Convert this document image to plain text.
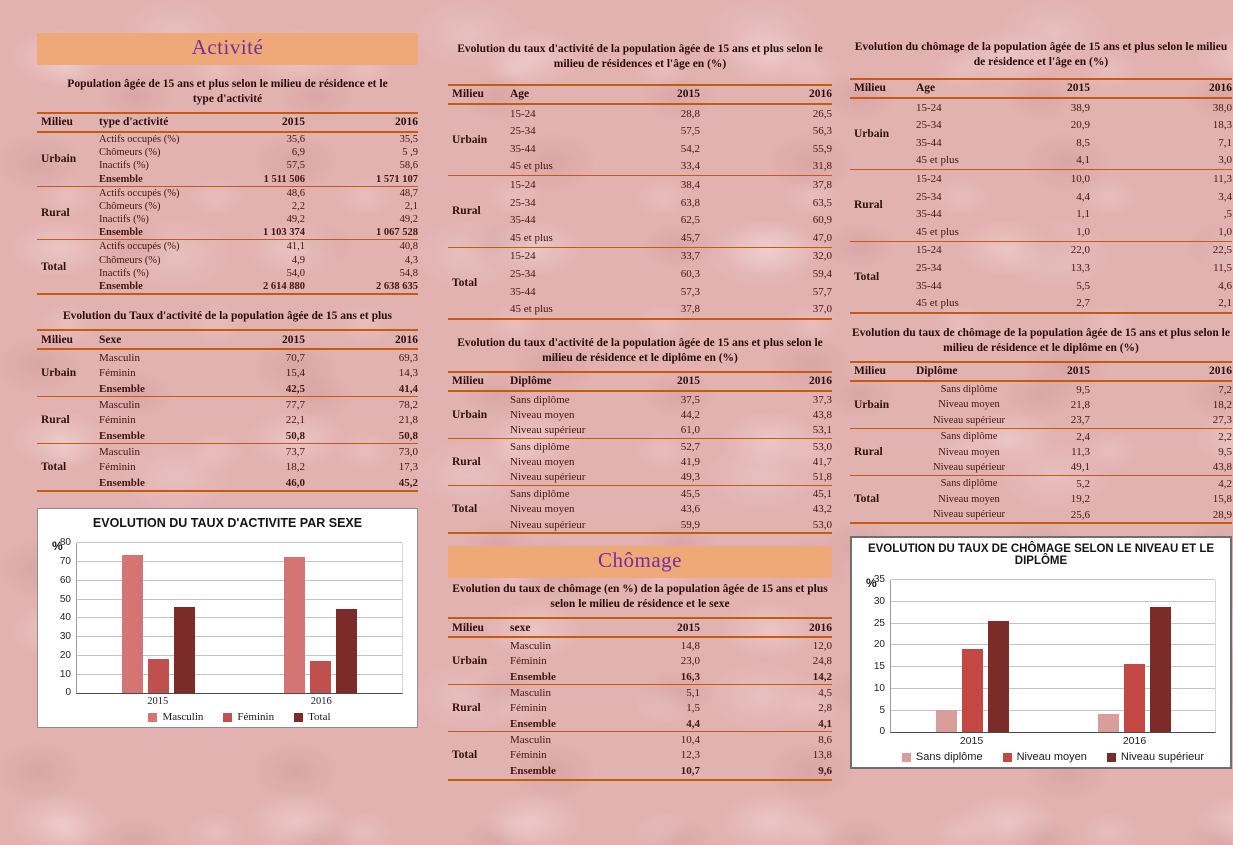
Activité
Population âgée de 15 ans et plus selon le milieu de résidence et le type d'activité
Milieu	type d'activité	2015	2016
Urbain	Actifs occupés (%)	35,6	35,5
	Chômeurs (%)	6,9	5 ,9
	Inactifs (%)	57,5	58,6
	Ensemble	1 511 506	1 571 107
Rural	Actifs occupés (%)	48,6	48,7
	Chômeurs (%)	2,2	2,1
	Inactifs (%)	49,2	49,2
	Ensemble	1 103 374	1 067 528
Total	Actifs occupés (%)	41,1	40,8
	Chômeurs (%)	4,9	4,3
	Inactifs (%)	54,0	54,8
	Ensemble	2 614 880	2 638 635
Evolution du Taux d'activité de la population âgée de 15 ans et plus
Milieu	Sexe	2015	2016
Urbain	Masculin	70,7	69,3
	Féminin	15,4	14,3
	Ensemble	42,5	41,4
Rural	Masculin	77,7	78,2
	Féminin	22,1	21,8
	Ensemble	50,8	50,8
Total	Masculin	73,7	73,0
	Féminin	18,2	17,3
	Ensemble	46,0	45,2
EVOLUTION DU TAUX D'ACTIVITE PAR SEXE
%
0
10
20
30
40
50
60
70
80
2015	2016
Masculin	Féminin	Total
Evolution du taux d'activité de la population âgée de 15 ans et plus selon le milieu de résidences et l'âge en (%)
Milieu	Age	2015	2016
Urbain	15-24	28,8	26,5
	25-34	57,5	56,3
	35-44	54,2	55,9
	45 et plus	33,4	31,8
Rural	15-24	38,4	37,8
	25-34	63,8	63,5
	35-44	62,5	60,9
	45 et plus	45,7	47,0
Total	15-24	33,7	32,0
	25-34	60,3	59,4
	35-44	57,3	57,7
	45 et plus	37,8	37,0
Evolution du taux d'activité de la population âgée de 15 ans et plus selon le milieu de résidence et le diplôme en (%)
Milieu	Diplôme	2015	2016
Urbain	Sans diplôme	37,5	37,3
	Niveau moyen	44,2	43,8
	Niveau supérieur	61,0	53,1
Rural	Sans diplôme	52,7	53,0
	Niveau moyen	41,9	41,7
	Niveau supérieur	49,3	51,8
Total	Sans diplôme	45,5	45,1
	Niveau moyen	43,6	43,2
	Niveau supérieur	59,9	53,0
Chômage
Evolution du taux de chômage (en %) de la population âgée de 15 ans et plus selon le milieu de résidence et le sexe
Milieu	sexe	2015	2016
Urbain	Masculin	14,8	12,0
	Féminin	23,0	24,8
	Ensemble	16,3	14,2
Rural	Masculin	5,1	4,5
	Féminin	1,5	2,8
	Ensemble	4,4	4,1
Total	Masculin	10,4	8,6
	Féminin	12,3	13,8
	Ensemble	10,7	9,6
Evolution du chômage de la population âgée de 15 ans et plus selon le milieu de résidence et l'âge en (%)
Milieu	Age	2015	2016
Urbain	15-24	38,9	38,0
	25-34	20,9	18,3
	35-44	8,5	7,1
	45 et plus	4,1	3,0
Rural	15-24	10,0	11,3
	25-34	4,4	3,4
	35-44	1,1	,5
	45 et plus	1,0	1,0
Total	15-24	22,0	22,5
	25-34	13,3	11,5
	35-44	5,5	4,6
	45 et plus	2,7	2,1
Evolution du taux de chômage de la population âgée de 15 ans et plus selon le milieu de résidence et le diplôme en (%)
Milieu	Diplôme	2015	2016
Urbain	Sans diplôme	9,5	7,2
	Niveau moyen	21,8	18,2
	Niveau supérieur	23,7	27,3
Rural	Sans diplôme	2,4	2,2
	Niveau moyen	11,3	9,5
	Niveau supérieur	49,1	43,8
Total	Sans diplôme	5,2	4,2
	Niveau moyen	19,2	15,8
	Niveau supérieur	25,6	28,9
EVOLUTION DU TAUX DE CHÔMAGE SELON LE NIVEAU ET LE DIPLÔME
%
0
5
10
15
20
25
30
35
2015	2016
Sans diplôme	Niveau moyen	Niveau supérieur
